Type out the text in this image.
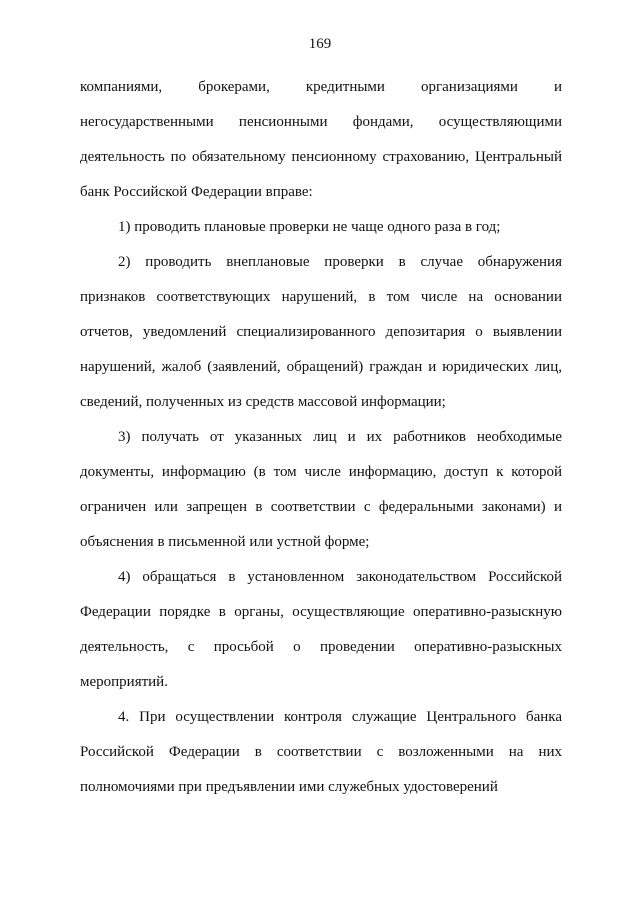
169

компаниями, брокерами, кредитными организациями и негосударственными пенсионными фондами, осуществляющими деятельность по обязательному пенсионному страхованию, Центральный банк Российской Федерации вправе:

1) проводить плановые проверки не чаще одного раза в год;

2) проводить внеплановые проверки в случае обнаружения признаков соответствующих нарушений, в том числе на основании отчетов, уведомлений специализированного депозитария о выявлении нарушений, жалоб (заявлений, обращений) граждан и юридических лиц, сведений, полученных из средств массовой информации;

3) получать от указанных лиц и их работников необходимые документы, информацию (в том числе информацию, доступ к которой ограничен или запрещен в соответствии с федеральными законами) и объяснения в письменной или устной форме;

4) обращаться в установленном законодательством Российской Федерации порядке в органы, осуществляющие оперативно-разыскную деятельность, с просьбой о проведении оперативно-разыскных мероприятий.

4. При осуществлении контроля служащие Центрального банка Российской Федерации в соответствии с возложенными на них полномочиями при предъявлении ими служебных удостоверений
